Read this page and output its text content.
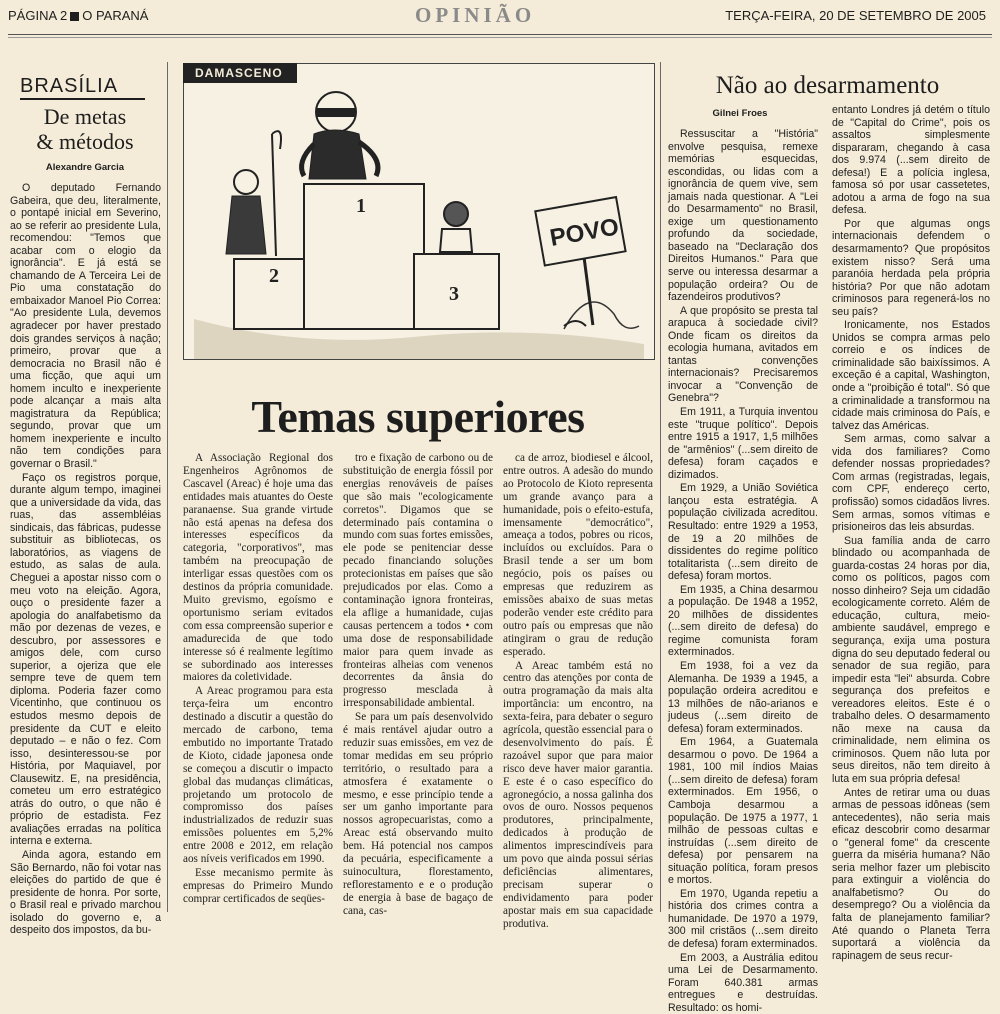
PÁGINA 2 O PARANÁ	OPINIÃO	TERÇA-FEIRA, 20 DE SETEMBRO DE 2005
BRASÍLIA
De metas
& métodos
Alexandre Garcia

O deputado Fernando Gabeira, que deu, literalmente, o pontapé inicial em Severino, ao se referir ao presidente Lula, recomendou: "Temos que acabar com o elogio da ignorância". E já está se chamando de A Terceira Lei de Pio uma constatação do embaixador Manoel Pio Correa: "Ao presidente Lula, devemos agradecer por haver prestado dois grandes serviços à nação; primeiro, provar que a democracia no Brasil não é uma ficção, que aqui um homem inculto e inexperiente pode alcançar a mais alta magistratura da República; segundo, provar que um homem inexperiente e inculto não tem condições para governar o Brasil."

Faço os registros porque, durante algum tempo, imaginei que a universidade da vida, das ruas, das assembléias sindicais, das fábricas, pudesse substituir as bibliotecas, os laboratórios, as viagens de estudo, as salas de aula. Cheguei a apostar nisso com o meu voto na eleição. Agora, ouço o presidente fazer a apologia do analfabetismo da mão por dezenas de vezes, e descubro, por assessores e amigos dele, com curso superior, a ojeriza que ele sempre teve de quem tem diploma. Poderia fazer como Vicentinho, que continuou os estudos mesmo depois de presidente da CUT e eleito deputado – e não o fez. Com isso, desinteressou-se por História, por Maquiavel, por Clausewitz. E, na presidência, cometeu um erro estratégico atrás do outro, o que não é próprio de estadista. Fez avaliações erradas na política interna e externa.

Ainda agora, estando em São Bernardo, não foi votar nas eleições do partido de que é presidente de honra. Por sorte, o Brasil real e privado marchou isolado do governo e, a despeito dos impostos, da bu-

1
2
3
POVO
DAMASCENO
Temas superiores

A Associação Regional dos Engenheiros Agrônomos de Cascavel (Areac) é hoje uma das entidades mais atuantes do Oeste paranaense. Sua grande virtude não está apenas na defesa dos interesses específicos da categoria, "corporativos", mas também na preocupação de interligar essas questões com os destinos da própria comunidade. Muito grevismo, egoísmo e oportunismo seriam evitados com essa compreensão superior e amadurecida de que todo interesse só é realmente legítimo se subordinado aos interesses maiores da coletividade.

A Areac programou para esta terça-feira um encontro destinado a discutir a questão do mercado de carbono, tema embutido no importante Tratado de Kioto, cidade japonesa onde se começou a discutir o impacto global das mudanças climáticas, projetando um protocolo de compromisso dos países industrializados de reduzir suas emissões poluentes em 5,2% entre 2008 e 2012, em relação aos níveis verificados em 1990.

Esse mecanismo permite às empresas do Primeiro Mundo comprar certificados de seqües-

tro e fixação de carbono ou de substituição de energia fóssil por energias renováveis de países que são mais "ecologicamente corretos". Digamos que se determinado país contamina o mundo com suas fortes emissões, ele pode se penitenciar desse pecado financiando soluções protecionistas em países que são prejudicados por elas. Como a contaminação ignora fronteiras, ela aflige a humanidade, cujas causas pertencem a todos • com uma dose de responsabilidade maior para quem invade as fronteiras alheias com venenos decorrentes da ânsia do progresso mesclada à irresponsabilidade ambiental.

Se para um país desenvolvido é mais rentável ajudar outro a reduzir suas emissões, em vez de tomar medidas em seu próprio território, o resultado para a atmosfera é exatamente o mesmo, e esse princípio tende a ser um ganho importante para nossos agropecuaristas, como a Areac está observando muito bem. Há potencial nos campos da pecuária, especificamente a suinocultura, florestamento, reflorestamento e e o produção de energia à base de bagaço de cana, cas-

ca de arroz, biodiesel e álcool, entre outros. A adesão do mundo ao Protocolo de Kioto representa um grande avanço para a humanidade, pois o efeito-estufa, imensamente "democrático", ameaça a todos, pobres ou ricos, incluídos ou excluídos. Para o Brasil tende a ser um bom negócio, pois os países ou empresas que reduzirem as emissões abaixo de suas metas poderão vender este crédito para outro país ou empresas que não atingiram o grau de redução esperado.

A Areac também está no centro das atenções por conta de outra programação da mais alta importância: um encontro, na sexta-feira, para debater o seguro agrícola, questão essencial para o desenvolvimento do país. É razoável supor que para maior risco deve haver maior garantia. E este é o caso específico do agronegócio, a nossa galinha dos ovos de ouro. Nossos pequenos produtores, principalmente, dedicados à produção de alimentos imprescindíveis para um povo que ainda possui sérias deficiências alimentares, precisam superar o endividamento para poder apostar mais em sua capacidade produtiva.

Não ao desarmamento
Gilnei Froes

Ressuscitar a "História" envolve pesquisa, remexe memórias esquecidas, escondidas, ou lidas com a ignorância de quem vive, sem jamais nada questionar. A "Lei do Desarmamento" no Brasil, exige um questionamento profundo da sociedade, baseado na "Declaração dos Direitos Humanos." Para que serve ou interessa desarmar a população ordeira? Ou de fazendeiros produtivos?

A que propósito se presta tal arapuca à sociedade civil? Onde ficam os direitos da ecologia humana, avitados em tantas convenções internacionais? Precisaremos invocar a "Convenção de Genebra"?

Em 1911, a Turquia inventou este "truque político". Depois entre 1915 a 1917, 1,5 milhões de "armênios" (...sem direito de defesa) foram caçados e dizimados.

Em 1929, a União Soviética lançou esta estratégia. A população civilizada acreditou. Resultado: entre 1929 a 1953, de 19 a 20 milhões de dissidentes do regime político totalitarista (...sem direito de defesa) foram mortos.

Em 1935, a China desarmou a população. De 1948 a 1952, 20 milhões de dissidentes (...sem direito de defesa) do regime comunista foram exterminados.

Em 1938, foi a vez da Alemanha. De 1939 a 1945, a população ordeira acreditou e 13 milhões de não-arianos e judeus (...sem direito de defesa) foram exterminados.

Em 1964, a Guatemala desarmou o povo. De 1964 a 1981, 100 mil índios Maias (...sem direito de defesa) foram exterminados. Em 1956, o Camboja desarmou a população. De 1975 a 1977, 1 milhão de pessoas cultas e instruídas (...sem direito de defesa) por pensarem na situação política, foram presos e mortos.

Em 1970, Uganda repetiu a história dos crimes contra a humanidade. De 1970 a 1979, 300 mil cristãos (...sem direito de defesa) foram exterminados.

Em 2003, a Austrália editou uma Lei de Desarmamento. Foram 640.381 armas entregues e destruídas. Resultado: os homi-

entanto Londres já detém o título de "Capital do Crime", pois os assaltos simplesmente dispararam, chegando à casa dos 9.974 (...sem direito de defesa!) E a polícia inglesa, famosa só por usar cassetetes, adotou a arma de fogo na sua defesa.

Por que algumas ongs internacionais defendem o desarmamento? Que propósitos existem nisso? Será uma paranóia herdada pela própria história? Por que não adotam criminosos para regenerá-los no seu país?

Ironicamente, nos Estados Unidos se compra armas pelo correio e os índices de criminalidade são baixíssimos. A exceção é a capital, Washington, onde a "proibição é total". Só que a criminalidade a transformou na cidade mais criminosa do País, e talvez das Américas.

Sem armas, como salvar a vida dos familiares? Como defender nossas propriedades? Com armas (registradas, legais, com CPF, endereço certo, profissão) somos cidadãos livres. Sem armas, somos vítimas e prisioneiros das leis absurdas.

Sua família anda de carro blindado ou acompanhada de guarda-costas 24 horas por dia, como os políticos, pagos com nosso dinheiro? Seja um cidadão ecologicamente correto. Além de educação, cultura, meio-ambiente saudável, emprego e segurança, exija uma postura digna do seu deputado federal ou senador de sua região, para impedir esta "lei" absurda. Cobre segurança dos prefeitos e vereadores eleitos. Este é o trabalho deles. O desarmamento não mexe na causa da criminalidade, nem elimina os criminosos. Quem não luta por seus direitos, não tem direito à luta em sua própria defesa!

Antes de retirar uma ou duas armas de pessoas idôneas (sem antecedentes), não seria mais eficaz descobrir como desarmar o "general fome" da crescente guerra da miséria humana? Não seria melhor fazer um plebiscito para extinguir a violência do analfabetismo? Ou do desemprego? Ou a violência da falta de planejamento familiar? Até quando o Planeta Terra suportará a violência da rapinagem de seus recur-
